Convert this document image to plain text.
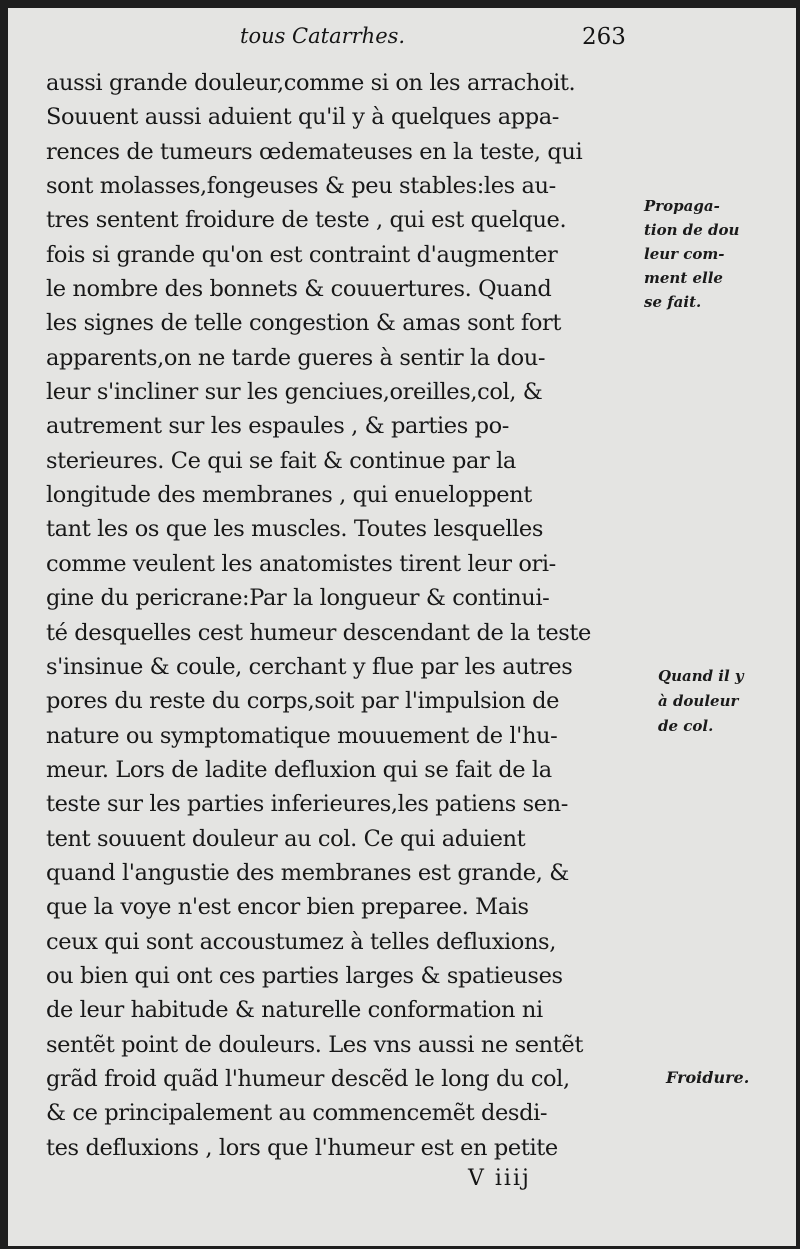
tous Catarrhes.	263
aussi grande douleur,comme si on les arrachoit.
Souuent aussi aduient qu'il y à quelques appa-
rences de tumeurs œdemateuses en la teste, qui
sont molasses,fongeuses & peu stables:les au-
tres sentent froidure de teste , qui est quelque.
fois si grande qu'on est contraint d'augmenter
le nombre des bonnets & couuertures. Quand
les signes de telle congestion & amas sont fort
apparents,on ne tarde gueres à sentir la dou-
leur s'incliner sur les genciues,oreilles,col, &
autrement sur les espaules , & parties po-
sterieures. Ce qui se fait & continue par la
longitude des membranes , qui enueloppent
tant les os que les muscles. Toutes lesquelles
comme veulent les anatomistes tirent leur ori-
gine du pericrane:Par la longueur & continui-
té desquelles cest humeur descendant de la teste
s'insinue & coule, cerchant y flue par les autres
pores du reste du corps,soit par l'impulsion de
nature ou symptomatique mouuement de l'hu-
meur. Lors de ladite defluxion qui se fait de la
teste sur les parties inferieures,les patiens sen-
tent souuent douleur au col. Ce qui aduient
quand l'angustie des membranes est grande, &
que la voye n'est encor bien preparee. Mais
ceux qui sont accoustumez à telles defluxions,
ou bien qui ont ces parties larges & spatieuses
de leur habitude & naturelle conformation ni
sentẽt point de douleurs. Les vns aussi ne sentẽt
grãd froid quãd l'humeur descẽd le long du col,
& ce principalement au commencemẽt desdi-
tes defluxions , lors que l'humeur est en petite
Propaga-
tion de dou
leur com-
ment elle
se fait.
Quand il y
à douleur
de col.
Froidure.

V iiij
